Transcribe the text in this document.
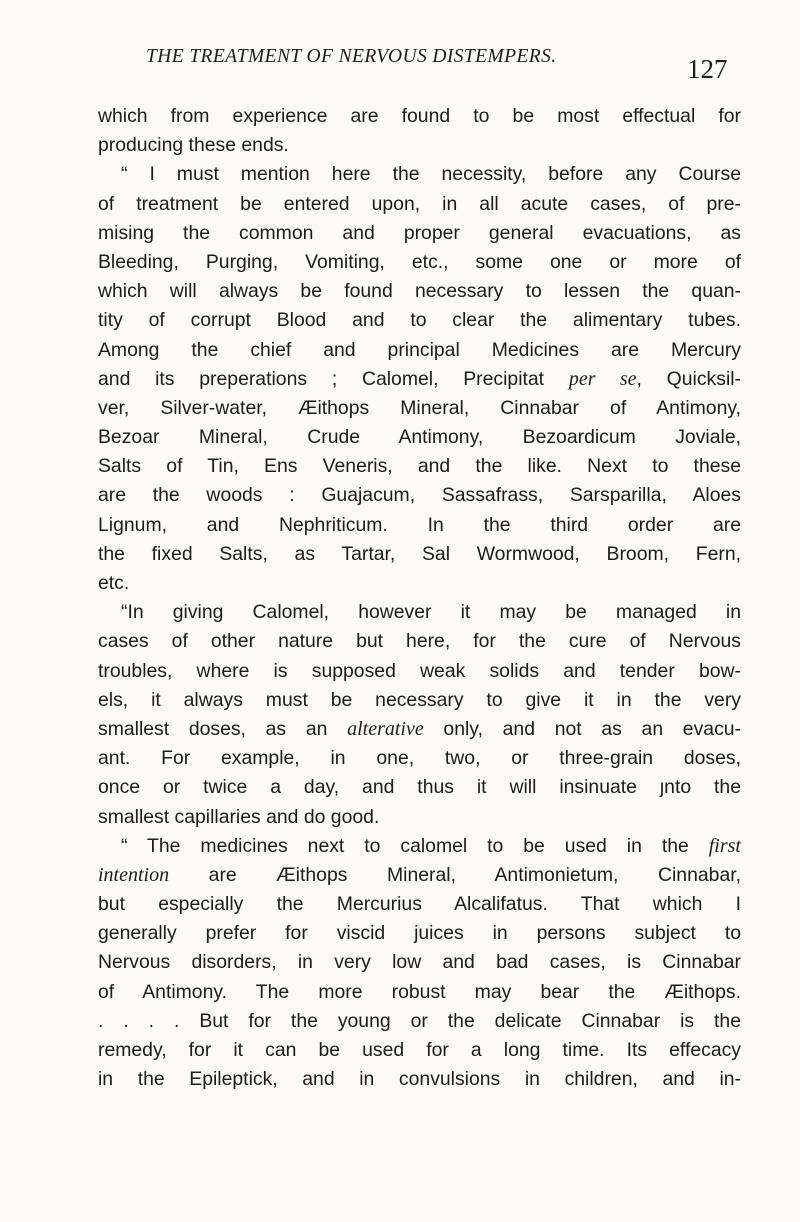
THE TREATMENT OF NERVOUS DISTEMPERS.	127
which from experience are found to be most effectual for
producing these ends.
“ I must mention here the necessity, before any Course
of treatment be entered upon, in all acute cases, of pre-
mising the common and proper general evacuations, as
Bleeding, Purging, Vomiting, etc., some one or more of
which will always be found necessary to lessen the quan-
tity of corrupt Blood and to clear the alimentary tubes.
Among the chief and principal Medicines are Mercury
and its preperations ; Calomel, Precipitat per se, Quicksil-
ver, Silver-water, Æithops Mineral, Cinnabar of Antimony,
Bezoar Mineral, Crude Antimony, Bezoardicum Joviale,
Salts of Tin, Ens Veneris, and the like. Next to these
are the woods : Guajacum, Sassafrass, Sarsparilla, Aloes
Lignum, and Nephriticum. In the third order are
the fixed Salts, as Tartar, Sal Wormwood, Broom, Fern,
etc.
“In giving Calomel, however it may be managed in
cases of other nature but here, for the cure of Nervous
troubles, where is supposed weak solids and tender bow-
els, it always must be necessary to give it in the very
smallest doses, as an alterative only, and not as an evacu-
ant. For example, in one, two, or three-grain doses,
once or twice a day, and thus it will insinuate ȷnto the
smallest capillaries and do good.
“ The medicines next to calomel to be used in the first
intention are Æithops Mineral, Antimonietum, Cinnabar,
but especially the Mercurius Alcalifatus. That which I
generally prefer for viscid juices in persons subject to
Nervous disorders, in very low and bad cases, is Cinnabar
of Antimony. The more robust may bear the Æithops.
. . . . But for the young or the delicate Cinnabar is the
remedy, for it can be used for a long time. Its effecacy
in the Epileptick, and in convulsions in children, and in-
